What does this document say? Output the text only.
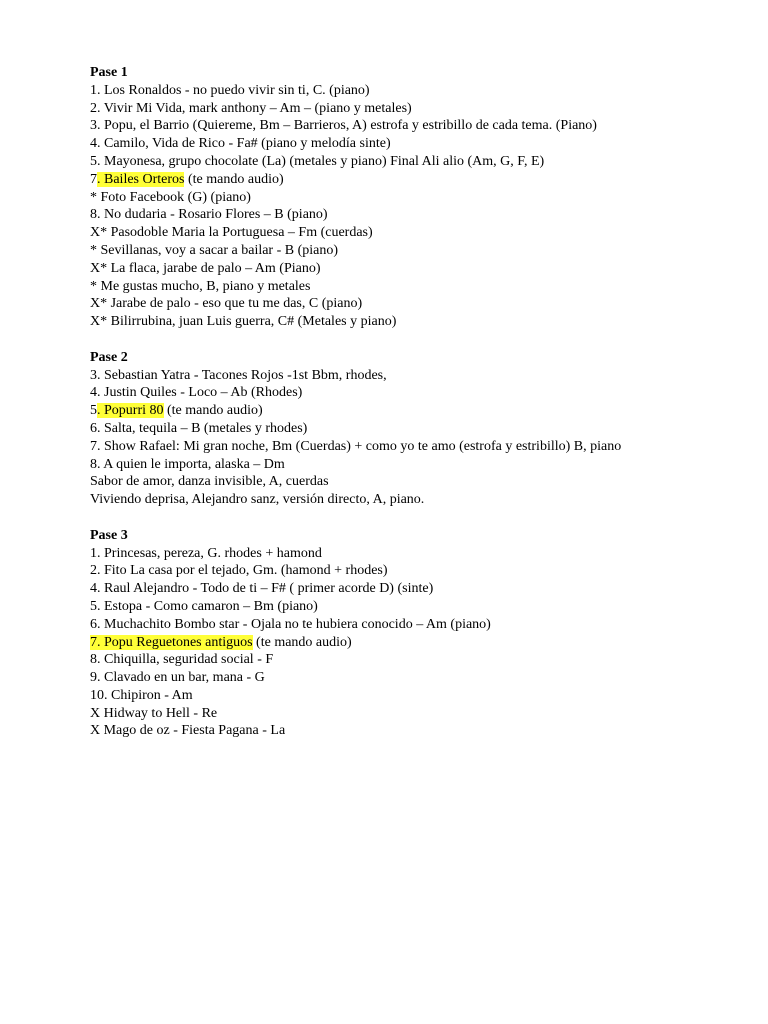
Pase 1
1. Los Ronaldos - no puedo vivir sin ti, C. (piano)
2. Vivir Mi Vida, mark anthony – Am – (piano y metales)
3. Popu, el Barrio (Quiereme, Bm – Barrieros, A) estrofa y estribillo de cada tema. (Piano)
4. Camilo, Vida de Rico - Fa# (piano y melodía sinte)
5. Mayonesa, grupo chocolate (La) (metales y piano) Final Ali alio (Am, G, F, E)
7. Bailes Orteros (te mando audio)
* Foto Facebook (G) (piano)
8. No dudaria - Rosario Flores – B (piano)
X* Pasodoble Maria la Portuguesa – Fm (cuerdas)
* Sevillanas, voy a sacar a bailar - B (piano)
X* La flaca, jarabe de palo – Am (Piano)
* Me gustas mucho, B, piano y metales
X* Jarabe de palo - eso que tu me das, C (piano)
X* Bilirrubina, juan Luis guerra, C# (Metales y piano)
Pase 2
3. Sebastian Yatra - Tacones Rojos -1st Bbm, rhodes,
4. Justin Quiles - Loco – Ab (Rhodes)
5. Popurri 80 (te mando audio)
6. Salta, tequila – B (metales y rhodes)
7. Show Rafael: Mi gran noche, Bm (Cuerdas) + como yo te amo (estrofa y estribillo) B, piano
8. A quien le importa, alaska – Dm
Sabor de amor, danza invisible, A, cuerdas
Viviendo deprisa, Alejandro sanz, versión directo, A, piano.
Pase 3
1. Princesas, pereza, G. rhodes + hamond
2. Fito La casa por el tejado, Gm. (hamond + rhodes)
4. Raul Alejandro - Todo de ti – F# ( primer acorde D) (sinte)
5. Estopa - Como camaron – Bm (piano)
6. Muchachito Bombo star - Ojala no te hubiera conocido – Am (piano)
7. Popu Reguetones antiguos (te mando audio)
8. Chiquilla, seguridad social - F
9. Clavado en un bar, mana - G
10. Chipiron - Am
X Hidway to Hell - Re
X Mago de oz - Fiesta Pagana - La
